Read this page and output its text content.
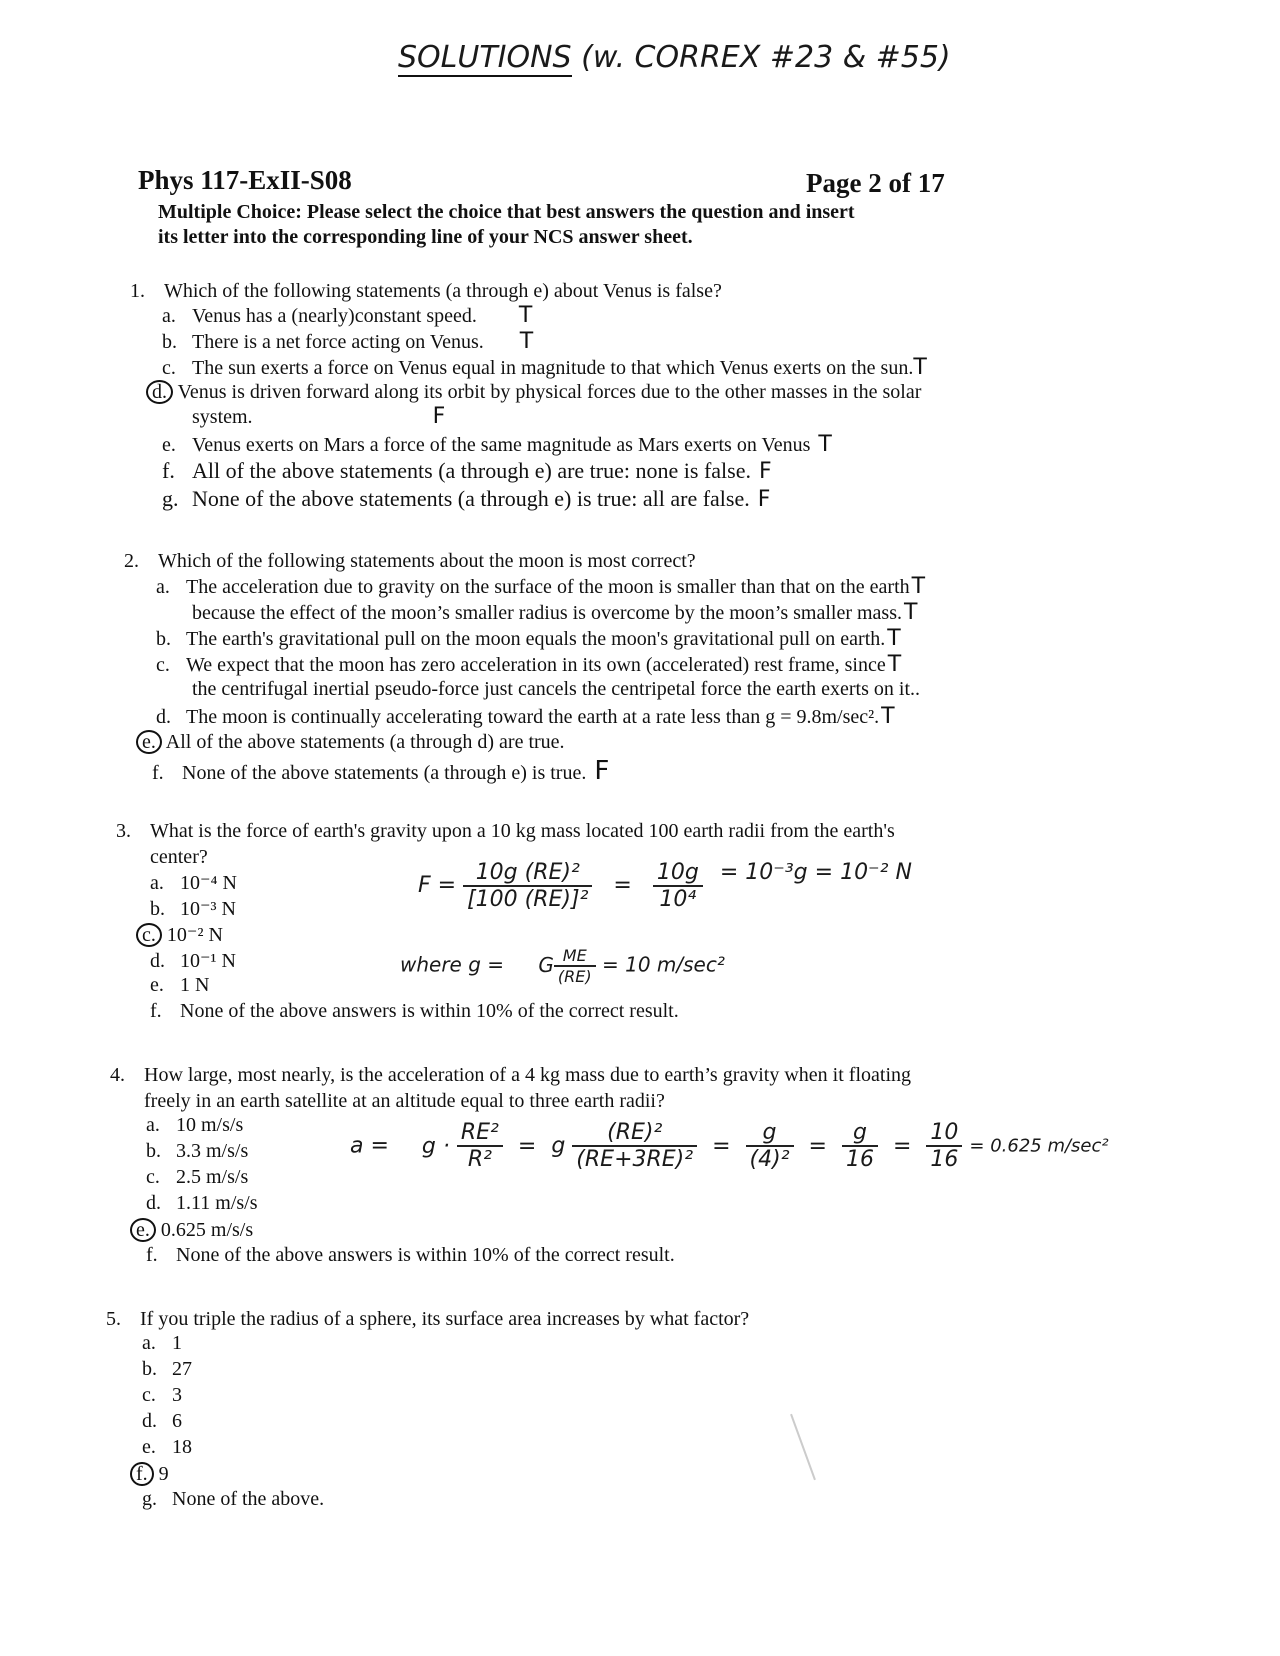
SOLUTIONS (w. CORREX #23 & #55)
Phys 117-ExII-S08	Page 2 of 17
Multiple Choice: Please select the choice that best answers the question and insert
its letter into the corresponding line of your NCS answer sheet.
1. Which of the following statements (a through e) about Venus is false?
a. Venus has a (nearly)constant speed. T
b. There is a net force acting on Venus. T
c. The sun exerts a force on Venus equal in magnitude to that which Venus exerts on the sun.T
d. Venus is driven forward along its orbit by physical forces due to the other masses in the solar
system.	F
e. Venus exerts on Mars a force of the same magnitude as Mars exerts on Venus T
f. All of the above statements (a through e) are true: none is false. F
g. None of the above statements (a through e) is true: all are false. F
2. Which of the following statements about the moon is most correct?
a. The acceleration due to gravity on the surface of the moon is smaller than that on the earthT
because the effect of the moon’s smaller radius is overcome by the moon’s smaller mass.T
b. The earth's gravitational pull on the moon equals the moon's gravitational pull on earth.T
c. We expect that the moon has zero acceleration in its own (accelerated) rest frame, sinceT
the centrifugal inertial pseudo-force just cancels the centripetal force the earth exerts on it..
d. The moon is continually accelerating toward the earth at a rate less than g = 9.8m/sec².T
e. All of the above statements (a through d) are true.
f. None of the above statements (a through e) is true. F
3. What is the force of earth's gravity upon a 10 kg mass located 100 earth radii from the earth's
center?
a. 10⁻⁴ N
b. 10⁻³ N
c. 10⁻² N
d. 10⁻¹ N
e. 1 N
f. None of the above answers is within 10% of the correct result.
$F = \frac{\text{10g (RE)²}}{\text{[100 (RE)]²}} = \frac{10g}{\text{10⁴}} = 10^{-3}g = 10^{-2}$ N
where g = G $\frac{ME}{(RE)} = 10$ m/sec²
4. How large, most nearly, is the acceleration of a 4 kg mass due to earth’s gravity when it floating
freely in an earth satellite at an altitude equal to three earth radii?
a. 10 m/s/s
b. 3.3 m/s/s
c. 2.5 m/s/s
d. 1.11 m/s/s
e. 0.625 m/s/s
f. None of the above answers is within 10% of the correct result.
$a = g \cdot \frac{\text{RE²}}{\text{R²}} = g \frac{\text{(RE)²}}{\text{(RE+3RE)²}} = \frac{g}{\text{(4)²}} = \frac{g}{16} = \frac{10}{16} = 0.625$ m/sec²
5. If you triple the radius of a sphere, its surface area increases by what factor?
a. 1
b. 27
c. 3
d. 6
e. 18
f. 9
g. None of the above.
